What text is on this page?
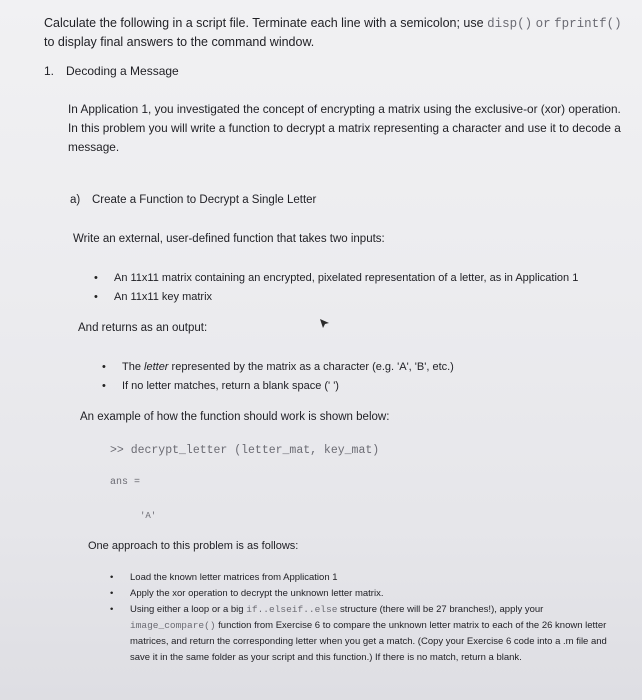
Calculate the following in a script file. Terminate each line with a semicolon; use disp() or fprintf() to display final answers to the command window.
1. Decoding a Message
In Application 1, you investigated the concept of encrypting a matrix using the exclusive-or (xor) operation. In this problem you will write a function to decrypt a matrix representing a character and use it to decode a message.
a) Create a Function to Decrypt a Single Letter
Write an external, user-defined function that takes two inputs:
• An 11x11 matrix containing an encrypted, pixelated representation of a letter, as in Application 1
• An 11x11 key matrix
And returns as an output:
• The letter represented by the matrix as a character (e.g. 'A', 'B', etc.)
• If no letter matches, return a blank space (' ')
An example of how the function should work is shown below:
>> decrypt_letter (letter_mat, key_mat)
ans =
'A'
One approach to this problem is as follows:
• Load the known letter matrices from Application 1
• Apply the xor operation to decrypt the unknown letter matrix.
• Using either a loop or a big if..elseif..else structure (there will be 27 branches!), apply your image_compare() function from Exercise 6 to compare the unknown letter matrix to each of the 26 known letter matrices, and return the corresponding letter when you get a match. (Copy your Exercise 6 code into a .m file and save it in the same folder as your script and this function.) If there is no match, return a blank.
